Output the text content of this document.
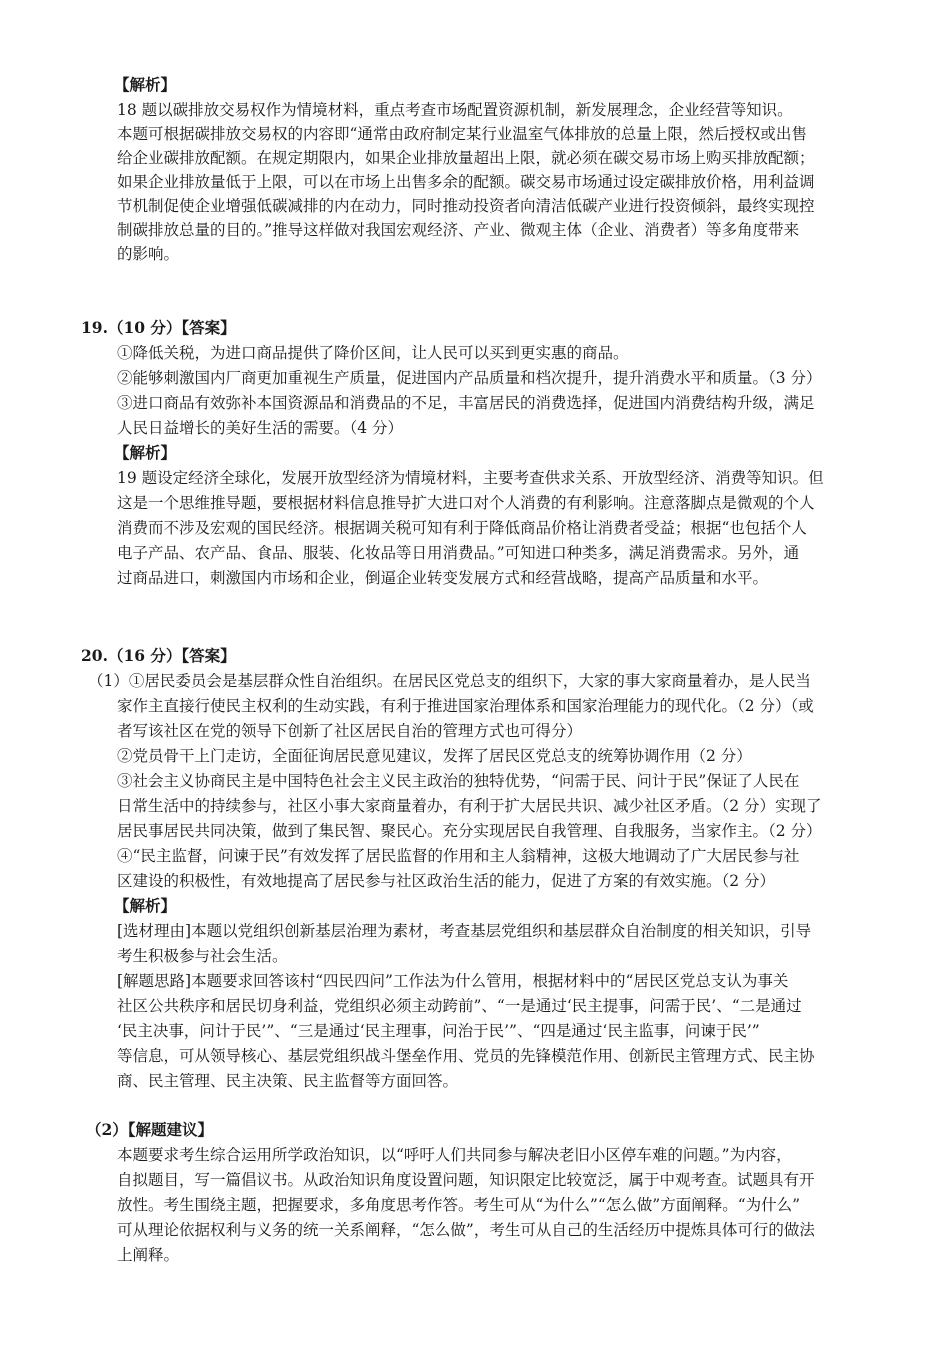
【解析】
18 题以碳排放交易权作为情境材料，重点考查市场配置资源机制，新发展理念，企业经营等知识。
本题可根据碳排放交易权的内容即“通常由政府制定某行业温室气体排放的总量上限，然后授权或出售
给企业碳排放配额。在规定期限内，如果企业排放量超出上限，就必须在碳交易市场上购买排放配额；
如果企业排放量低于上限，可以在市场上出售多余的配额。碳交易市场通过设定碳排放价格，用利益调
节机制促使企业增强低碳减排的内在动力，同时推动投资者向清洁低碳产业进行投资倾斜，最终实现控
制碳排放总量的目的。”推导这样做对我国宏观经济、产业、微观主体（企业、消费者）等多角度带来
的影响。
19.（10 分）【答案】
①降低关税，为进口商品提供了降价区间，让人民可以买到更实惠的商品。
②能够刺激国内厂商更加重视生产质量，促进国内产品质量和档次提升，提升消费水平和质量。（3 分）
③进口商品有效弥补本国资源品和消费品的不足，丰富居民的消费选择，促进国内消费结构升级，满足
人民日益增长的美好生活的需要。（4 分）
【解析】
19 题设定经济全球化，发展开放型经济为情境材料，主要考查供求关系、开放型经济、消费等知识。但
这是一个思维推导题，要根据材料信息推导扩大进口对个人消费的有利影响。注意落脚点是微观的个人
消费而不涉及宏观的国民经济。根据调关税可知有利于降低商品价格让消费者受益；根据“也包括个人
电子产品、农产品、食品、服装、化妆品等日用消费品。”可知进口种类多，满足消费需求。另外，通
过商品进口，刺激国内市场和企业，倒逼企业转变发展方式和经营战略，提高产品质量和水平。
20.（16 分）【答案】
（1）①居民委员会是基层群众性自治组织。在居民区党总支的组织下，大家的事大家商量着办，是人民当
家作主直接行使民主权利的生动实践，有利于推进国家治理体系和国家治理能力的现代化。（2 分）（或
者写该社区在党的领导下创新了社区居民自治的管理方式也可得分）
②党员骨干上门走访，全面征询居民意见建议，发挥了居民区党总支的统筹协调作用（2 分）
③社会主义协商民主是中国特色社会主义民主政治的独特优势，“问需于民、问计于民”保证了人民在
日常生活中的持续参与，社区小事大家商量着办，有利于扩大居民共识、减少社区矛盾。（2 分）实现了
居民事居民共同决策，做到了集民智、聚民心。充分实现居民自我管理、自我服务，当家作主。（2 分）
④“民主监督，问谏于民”有效发挥了居民监督的作用和主人翁精神，这极大地调动了广大居民参与社
区建设的积极性，有效地提高了居民参与社区政治生活的能力，促进了方案的有效实施。（2 分）
【解析】
[选材理由]本题以党组织创新基层治理为素材，考查基层党组织和基层群众自治制度的相关知识，引导
考生积极参与社会生活。
[解题思路]本题要求回答该村“四民四问”工作法为什么管用，根据材料中的“居民区党总支认为事关
社区公共秩序和居民切身利益，党组织必须主动跨前”、“一是通过‘民主提事，问需于民’、“二是通过
‘民主决事，问计于民’”、“三是通过‘民主理事，问治于民’”、“四是通过‘民主监事，问谏于民’”
等信息，可从领导核心、基层党组织战斗堡垒作用、党员的先锋模范作用、创新民主管理方式、民主协
商、民主管理、民主决策、民主监督等方面回答。
（2）【解题建议】
本题要求考生综合运用所学政治知识，以“呼吁人们共同参与解决老旧小区停车难的问题。”为内容，
自拟题目，写一篇倡议书。从政治知识角度设置问题，知识限定比较宽泛，属于中观考查。试题具有开
放性。考生围绕主题，把握要求，多角度思考作答。考生可从“为什么”“怎么做”方面阐释。“为什么”
可从理论依据权利与义务的统一关系阐释，“怎么做”，考生可从自己的生活经历中提炼具体可行的做法
上阐释。
